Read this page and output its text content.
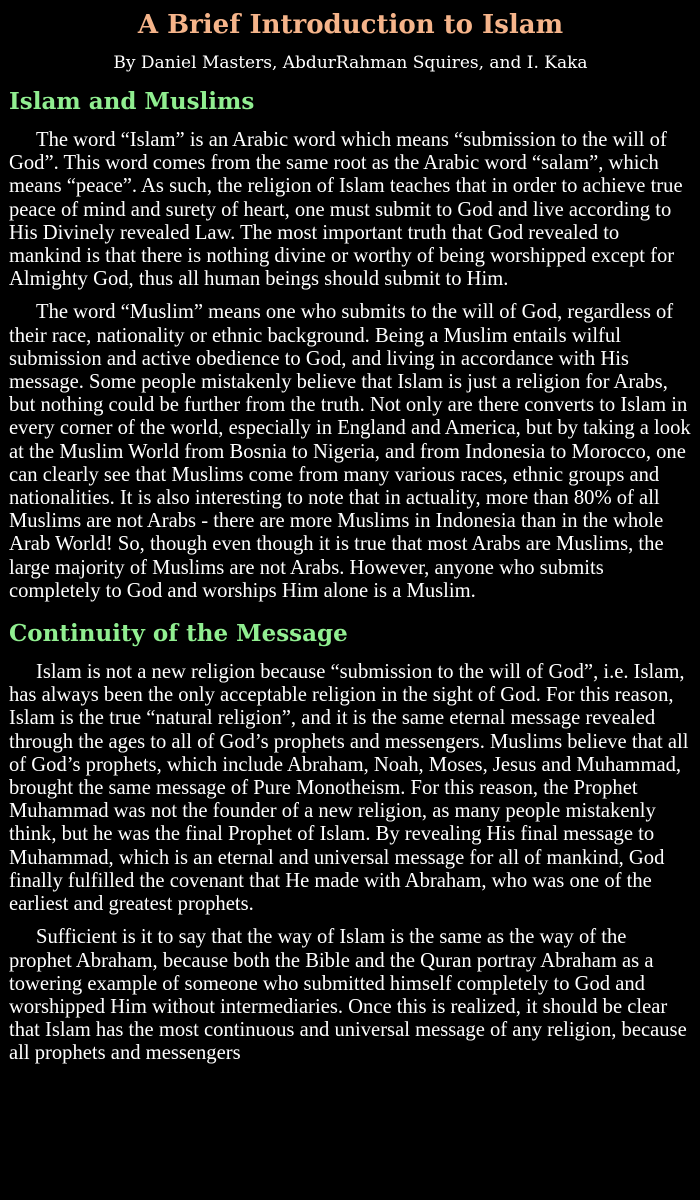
A Brief Introduction to Islam
By Daniel Masters, AbdurRahman Squires, and I. Kaka
Islam and Muslims

The word “Islam” is an Arabic word which means “submission to the will of God”. This word comes from the same root as the Arabic word “salam”, which means “peace”. As such, the religion of Islam teaches that in order to achieve true peace of mind and surety of heart, one must submit to God and live according to His Divinely revealed Law. The most important truth that God revealed to mankind is that there is nothing divine or worthy of being worshipped except for Almighty God, thus all human beings should submit to Him.

The word “Muslim” means one who submits to the will of God, regardless of their race, nationality or ethnic background. Being a Muslim entails wilful submission and active obedience to God, and living in accordance with His message. Some people mistakenly believe that Islam is just a religion for Arabs, but nothing could be further from the truth. Not only are there converts to Islam in every corner of the world, especially in England and America, but by taking a look at the Muslim World from Bosnia to Nigeria, and from Indonesia to Morocco, one can clearly see that Muslims come from many various races, ethnic groups and nationalities. It is also interesting to note that in actuality, more than 80% of all Muslims are not Arabs - there are more Muslims in Indonesia than in the whole Arab World! So, though even though it is true that most Arabs are Muslims, the large majority of Muslims are not Arabs. However, anyone who submits completely to God and worships Him alone is a Muslim.

Continuity of the Message

Islam is not a new religion because “submission to the will of God”, i.e. Islam, has always been the only acceptable religion in the sight of God. For this reason, Islam is the true “natural religion”, and it is the same eternal message revealed through the ages to all of God’s prophets and messengers. Muslims believe that all of God’s prophets, which include Abraham, Noah, Moses, Jesus and Muhammad, brought the same message of Pure Monotheism. For this reason, the Prophet Muhammad was not the founder of a new religion, as many people mistakenly think, but he was the final Prophet of Islam. By revealing His final message to Muhammad, which is an eternal and universal message for all of mankind, God finally fulfilled the covenant that He made with Abraham, who was one of the earliest and greatest prophets.

Sufficient is it to say that the way of Islam is the same as the way of the prophet Abraham, because both the Bible and the Quran portray Abraham as a towering example of someone who submitted himself completely to God and worshipped Him without intermediaries. Once this is realized, it should be clear that Islam has the most continuous and universal message of any religion, because all prophets and messengers
